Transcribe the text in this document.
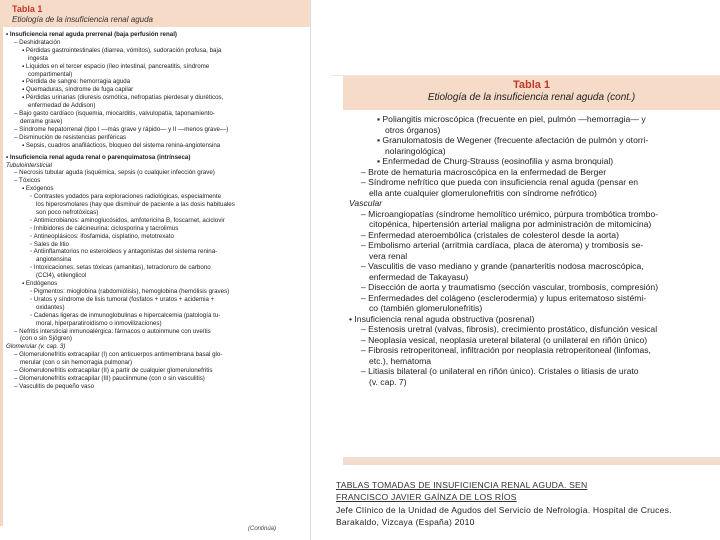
Tabla 1
Etiología de la insuficiencia renal aguda
• Insuficiencia renal aguda prerrenal (baja perfusión renal)
– Deshidratación
▪ Pérdidas gastrointestinales (diarrea, vómitos), sudoración profusa, baja
ingesta
▪ Líquidos en el tercer espacio (íleo intestinal, pancreatitis, síndrome
compartimental)
▪ Pérdida de sangre: hemorragia aguda
▪ Quemaduras, síndrome de fuga capilar
▪ Pérdidas urinarias (diuresis osmótica, nefropatías pierdesal y diuréticos,
enfermedad de Addison)
– Bajo gasto cardíaco (isquemia, miocarditis, valvulopatía, taponamiento-
derrame grave)
– Síndrome hepatorrenal (tipo I —más grave y rápido— y II —menos grave—)
– Disminución de resistencias periféricas
▪ Sepsis, cuadros anafilácticos, bloqueo del sistema renina-angiotensina
• Insuficiencia renal aguda renal o parenquimatosa (intrínseca)
Tubulointersticial
– Necrosis tubular aguda (isquémica, sepsis (o cualquier infección grave)
– Tóxicos
▪ Exógenos
◦ Contrastes yodados para exploraciones radiológicas, especialmente
los hiperosmolares (hay que disminuir de paciente a las dosis habituales
son poco nefrotóxicas)
◦ Antimicrobianos: aminoglucósidos, amfotericina B, foscarnet, aciclovir
◦ Inhibidores de calcineurina: ciclosporina y tacrolimus
◦ Antineoplásicos: ifosfamida, cisplatino, metotrexato
◦ Sales de litio
◦ Antiinflamatorios no esteroideos y antagonistas del sistema renina-
angiotensina
◦ Intoxicaciones: setas tóxicas (amanitas), tetracloruro de carbono
(CCl4), etilenglicol
▪ Endógenos
◦ Pigmentos: mioglobina (rabdomiólisis), hemoglobina (hemólisis graves)
◦ Uratos y síndrome de lisis tumoral (fosfatos + uratos + acidemia +
oxidantes)
◦ Cadenas ligeras de inmunoglobulinas e hipercalcemia (patología tu-
moral, hiperparatiroidismo o inmovilizaciones)
– Nefritis intersticial inmunoalérgica: fármacos o autoinmune con uveítis
(con o sin Sjögren)
Glomerular (v. cap. 3)
– Glomerulonefritis extracapilar (I) con anticuerpos antimembrana basal glo-
merular (con o sin hemorragia pulmonar)
– Glomerulonefritis extracapilar (II) a partir de cualquier glomerulonefritis
– Glomerulonefritis extracapilar (III) pauciinmune (con o sin vasculitis)
– Vasculitis de pequeño vaso
(Continúa)
Tabla 1
Etiología de la insuficiencia renal aguda (cont.)
▪ Poliangitis microscópica (frecuente en piel, pulmón —hemorragia— y
otros órganos)
▪ Granulomatosis de Wegener (frecuente afectación de pulmón y otorri-
nolaringológica)
▪ Enfermedad de Churg-Strauss (eosinofilia y asma bronquial)
– Brote de hematuria macroscópica en la enfermedad de Berger
– Síndrome nefrítico que pueda con insuficiencia renal aguda (pensar en
ella ante cualquier glomerulonefritis con síndrome nefrótico)
Vascular
– Microangiopatías (síndrome hemolítico urémico, púrpura trombótica trombo-
citopénica, hipertensión arterial maligna por administración de mitomicina)
– Enfermedad ateroembólica (cristales de colesterol desde la aorta)
– Embolismo arterial (arritmia cardíaca, placa de ateroma) y trombosis se-
vera renal
– Vasculitis de vaso mediano y grande (panarteritis nodosa macroscópica,
enfermedad de Takayasu)
– Disección de aorta y traumatismo (sección vascular, trombosis, compresión)
– Enfermedades del colágeno (esclerodermia) y lupus eritematoso sistémi-
co (también glomerulonefritis)
• Insuficiencia renal aguda obstructiva (posrenal)
– Estenosis uretral (valvas, fibrosis), crecimiento prostático, disfunción vesical
– Neoplasia vesical, neoplasia ureteral bilateral (o unilateral en riñón único)
– Fibrosis retroperitoneal, infiltración por neoplasia retroperitoneal (linfomas,
etc.), hematoma
– Litiasis bilateral (o unilateral en riñón único). Cristales o litiasis de urato
(v. cap. 7)
TABLAS TOMADAS DE INSUFICIENCIA RENAL AGUDA. SEN
FRANCISCO JAVIER GAÍNZA DE LOS RÍOS
Jefe Clínico de la Unidad de Agudos del Servicio de Nefrología. Hospital de Cruces.
Barakaldo, Vizcaya (España) 2010
